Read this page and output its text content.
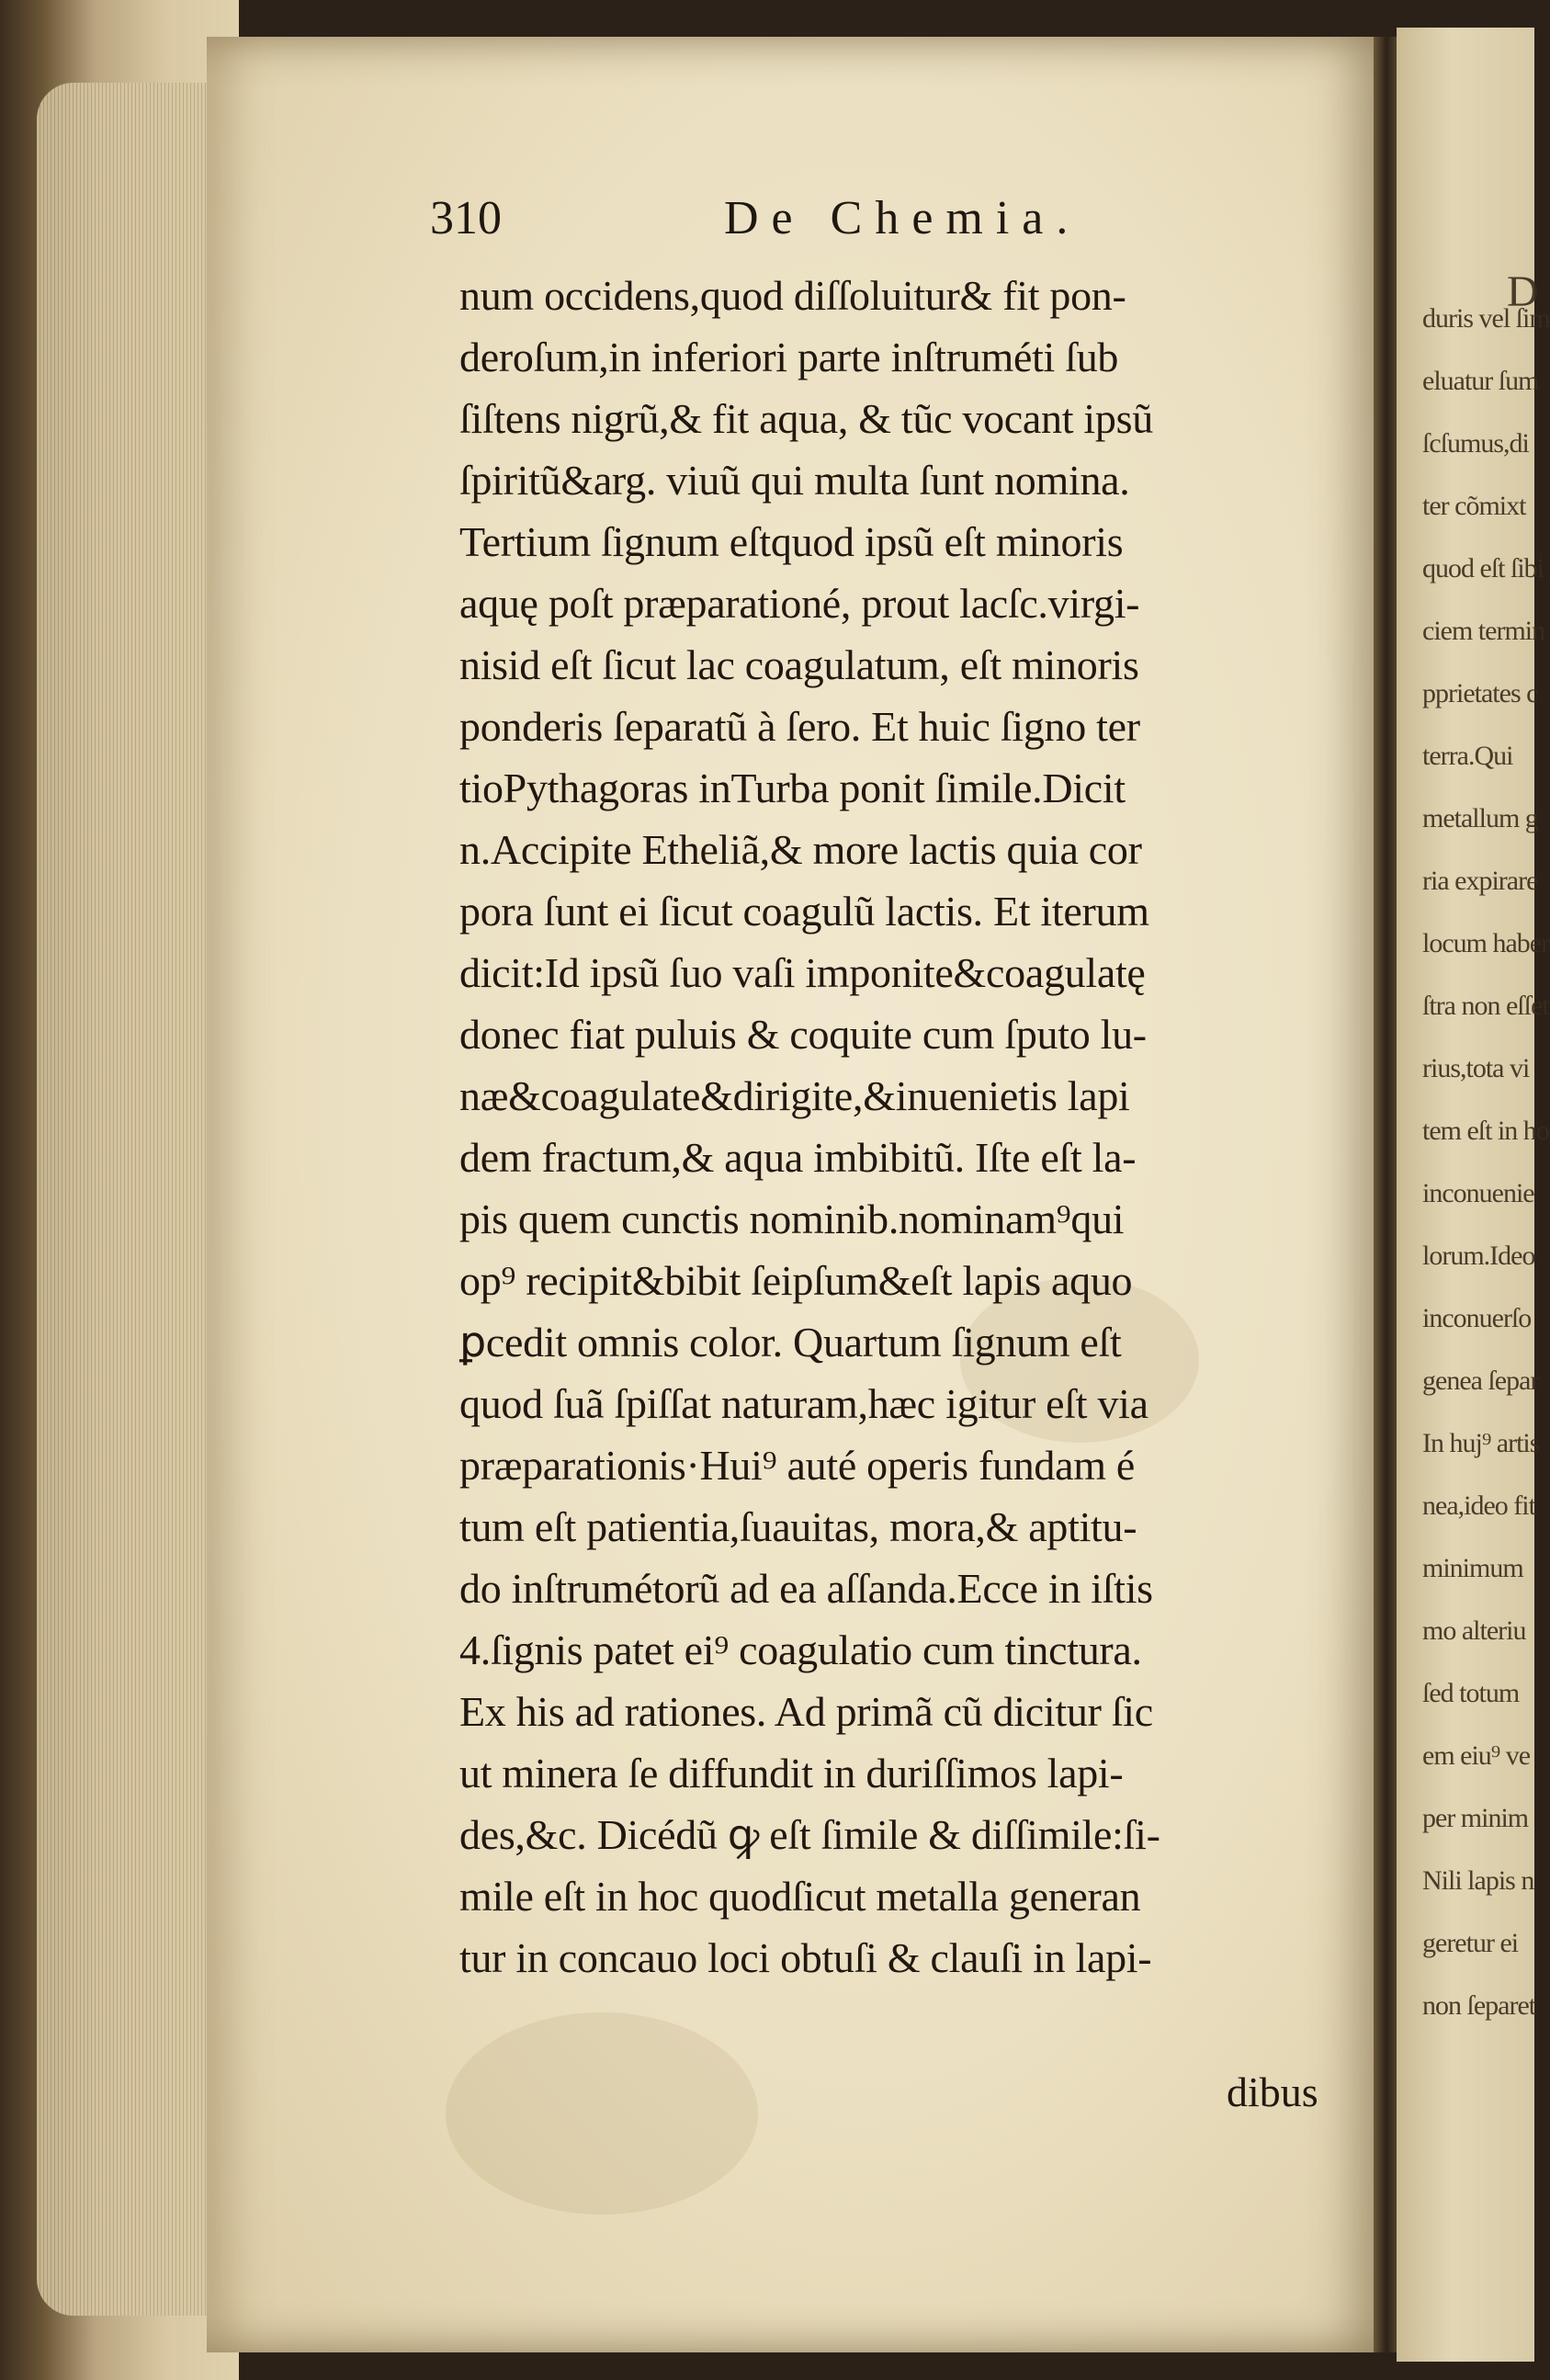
D
duris vel ſim
eluatur ſum
ſcſumus,di
ter cõmixt
quod eſt ſibi
ciem termin
pprietates c
terra.Qui
metallum g
ria expirare
locum haber
ſtra non eſſet
rius,tota vi
tem eſt in ho
inconuenie
lorum.Ideo
inconuerſo
genea ſepar
In huj⁹ artis
nea,ideo fit
minimum
mo alteriu
ſed totum
em eiu⁹ ve
per minim
Nili lapis n
geretur ei
non ſeparet
310	De Chemia.
num occidens,quod diſſoluitur& fit pon-
deroſum,in inferiori parte inſtruméti ſub
ſiſtens nigrũ,& fit aqua, & tũc vocant ipsũ
ſpiritũ&arg. viuũ qui multa ſunt nomina.
Tertium ſignum eſtquod ipsũ eſt minoris
aquę poſt præparationé, prout lacſc.virgi-
nisid eſt ſicut lac coagulatum, eſt minoris
ponderis ſeparatũ à ſero. Et huic ſigno ter
tioPythagoras inTurba ponit ſimile.Dicit
n.Accipite Etheliã,& more lactis quia cor
pora ſunt ei ſicut coagulũ lactis. Et iterum
dicit:Id ipsũ ſuo vaſi imponite&coagulatę
donec fiat puluis & coquite cum ſputo lu-
næ&coagulate&dirigite,&inuenietis lapi
dem fractum,& aqua imbibitũ. Iſte eſt la-
pis quem cunctis nominib.nominam⁹qui
op⁹ recipit&bibit ſeipſum&eſt lapis aquo
ꝑcedit omnis color. Quartum ſignum eſt
quod ſuã ſpiſſat naturam,hæc igitur eſt via
præparationis·Hui⁹ auté operis fundam é
tum eſt patientia,ſuauitas, mora,& aptitu-
do inſtrumétorũ ad ea aſſanda.Ecce in iſtis
4.ſignis patet ei⁹ coagulatio cum tinctura.
Ex his ad rationes. Ad primã cũ dicitur ſic
ut minera ſe diffundit in duriſſimos lapi-
des,&c. Dicédũ ꝙ eſt ſimile & diſſimile:ſi-
mile eſt in hoc quodſicut metalla generan
tur in concauo loci obtuſi & clauſi in lapi-
dibus
